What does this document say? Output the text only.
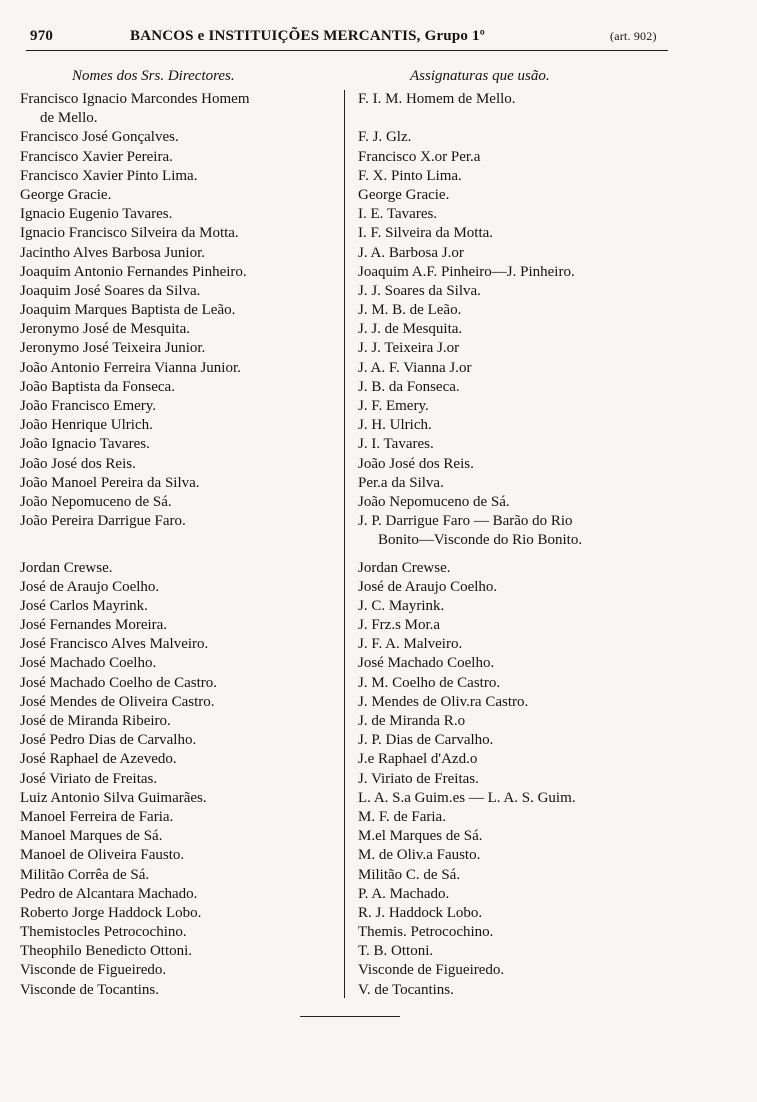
970	BANCOS e INSTITUIÇÕES MERCANTIS, Grupo 1º	(art. 902)
Nomes dos Srs. Directores.	Assignaturas que usão.
Francisco Ignacio Marcondes Homem	F. I. M. Homem de Mello.
de Mello.
Francisco José Gonçalves.	F. J. Glz.
Francisco Xavier Pereira.	Francisco X.or Per.a
Francisco Xavier Pinto Lima.	F. X. Pinto Lima.
George Gracie.	George Gracie.
Ignacio Eugenio Tavares.	I. E. Tavares.
Ignacio Francisco Silveira da Motta.	I. F. Silveira da Motta.
Jacintho Alves Barbosa Junior.	J. A. Barbosa J.or
Joaquim Antonio Fernandes Pinheiro.	Joaquim A.F. Pinheiro—J. Pinheiro.
Joaquim José Soares da Silva.	J. J. Soares da Silva.
Joaquim Marques Baptista de Leão.	J. M. B. de Leão.
Jeronymo José de Mesquita.	J. J. de Mesquita.
Jeronymo José Teixeira Junior.	J. J. Teixeira J.or
João Antonio Ferreira Vianna Junior.	J. A. F. Vianna J.or
João Baptista da Fonseca.	J. B. da Fonseca.
João Francisco Emery.	J. F. Emery.
João Henrique Ulrich.	J. H. Ulrich.
João Ignacio Tavares.	J. I. Tavares.
João José dos Reis.	João José dos Reis.
João Manoel Pereira da Silva.	Per.a da Silva.
João Nepomuceno de Sá.	João Nepomuceno de Sá.
João Pereira Darrigue Faro.	J. P. Darrigue Faro — Barão do Rio
Bonito—Visconde do Rio Bonito.
Jordan Crewse.	Jordan Crewse.
José de Araujo Coelho.	José de Araujo Coelho.
José Carlos Mayrink.	J. C. Mayrink.
José Fernandes Moreira.	J. Frz.s Mor.a
José Francisco Alves Malveiro.	J. F. A. Malveiro.
José Machado Coelho.	José Machado Coelho.
José Machado Coelho de Castro.	J. M. Coelho de Castro.
José Mendes de Oliveira Castro.	J. Mendes de Oliv.ra Castro.
José de Miranda Ribeiro.	J. de Miranda R.o
José Pedro Dias de Carvalho.	J. P. Dias de Carvalho.
José Raphael de Azevedo.	J.e Raphael d'Azd.o
José Viriato de Freitas.	J. Viriato de Freitas.
Luiz Antonio Silva Guimarães.	L. A. S.a Guim.es — L. A. S. Guim.
Manoel Ferreira de Faria.	M. F. de Faria.
Manoel Marques de Sá.	M.el Marques de Sá.
Manoel de Oliveira Fausto.	M. de Oliv.a Fausto.
Militão Corrêa de Sá.	Militão C. de Sá.
Pedro de Alcantara Machado.	P. A. Machado.
Roberto Jorge Haddock Lobo.	R. J. Haddock Lobo.
Themistocles Petrocochino.	Themis. Petrocochino.
Theophilo Benedicto Ottoni.	T. B. Ottoni.
Visconde de Figueiredo.	Visconde de Figueiredo.
Visconde de Tocantins.	V. de Tocantins.
